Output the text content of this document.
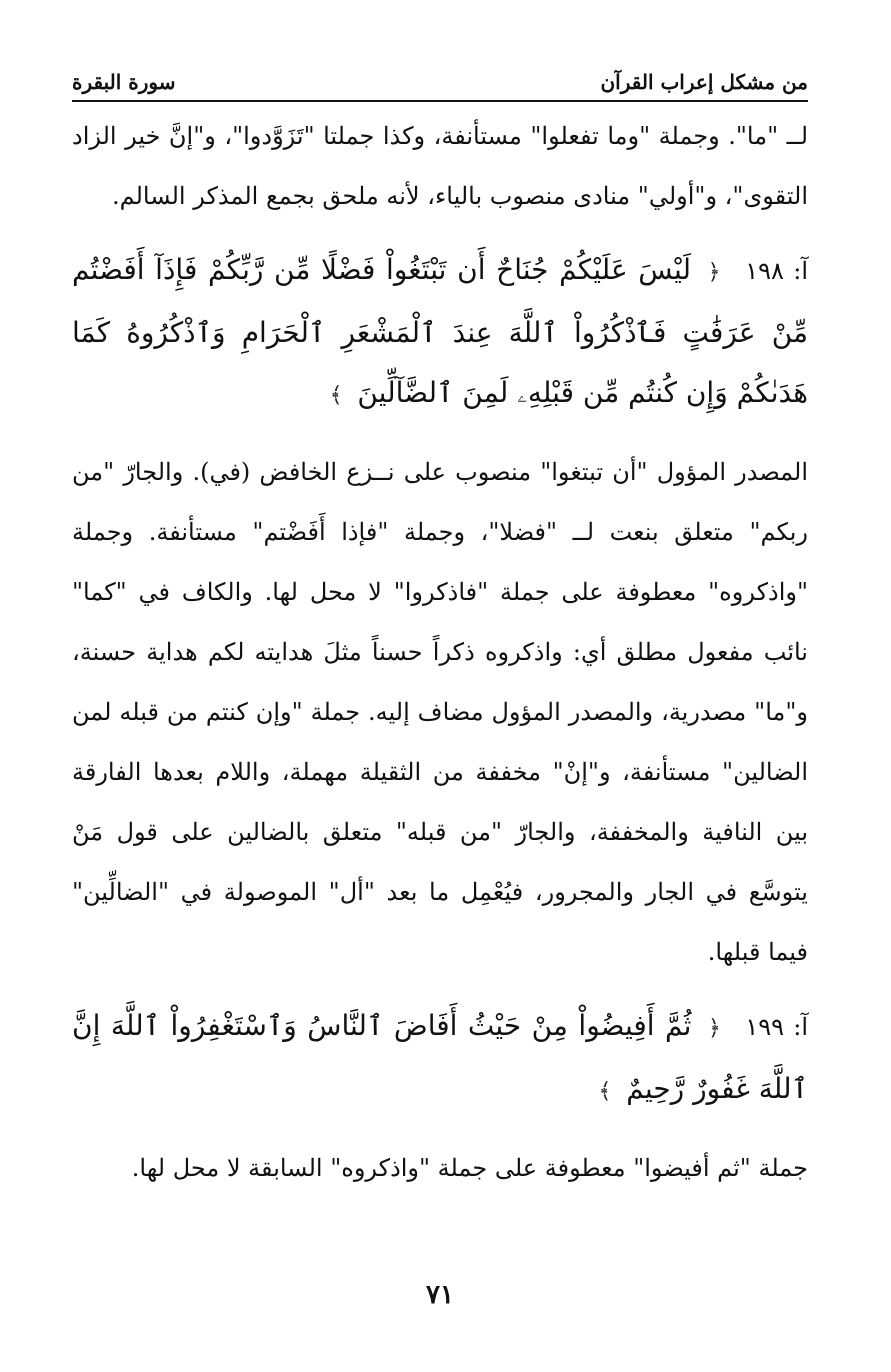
من مشكل إعراب القرآن
سورة البقرة

لــ "ما". وجملة "وما تفعلوا" مستأنفة، وكذا جملتا "تَزَوَّدوا"، و"إنَّ خير الزاد التقوى"، و"أولي" منادى منصوب بالياء، لأنه ملحق بجمع المذكر السالم.

آ: ١٩٨ ﴿ لَيْسَ عَلَيْكُمْ جُنَاحٌ أَن تَبْتَغُواْ فَضْلًا مِّن رَّبِّكُمْ فَإِذَآ أَفَضْتُم مِّنْ عَرَفَٰتٍ فَٱذْكُرُواْ ٱللَّهَ عِندَ ٱلْمَشْعَرِ ٱلْحَرَامِ وَٱذْكُرُوهُ كَمَا هَدَىٰكُمْ وَإِن كُنتُم مِّن قَبْلِهِۦ لَمِنَ ٱلضَّآلِّينَ ﴾

المصدر المؤول "أن تبتغوا" منصوب على نــزع الخافض (في). والجارّ "من ربكم" متعلق بنعت لــ "فضلا"، وجملة "فإذا أَفَضْتم" مستأنفة. وجملة "واذكروه" معطوفة على جملة "فاذكروا" لا محل لها. والكاف في "كما" نائب مفعول مطلق أي: واذكروه ذكراً حسناً مثلَ هدايته لكم هداية حسنة، و"ما" مصدرية، والمصدر المؤول مضاف إليه. جملة "وإن كنتم من قبله لمن الضالين" مستأنفة، و"إنْ" مخففة من الثقيلة مهملة، واللام بعدها الفارقة بين النافية والمخففة، والجارّ "من قبله" متعلق بالضالين على قول مَنْ يتوسَّع في الجار والمجرور، فيُعْمِل ما بعد "أل" الموصولة في "الضالِّين" فيما قبلها.

آ: ١٩٩ ﴿ ثُمَّ أَفِيضُواْ مِنْ حَيْثُ أَفَاضَ ٱلنَّاسُ وَٱسْتَغْفِرُواْ ٱللَّهَ إِنَّ ٱللَّهَ غَفُورٌ رَّحِيمٌ ﴾

جملة "ثم أفيضوا" معطوفة على جملة "واذكروه" السابقة لا محل لها.

٧١
